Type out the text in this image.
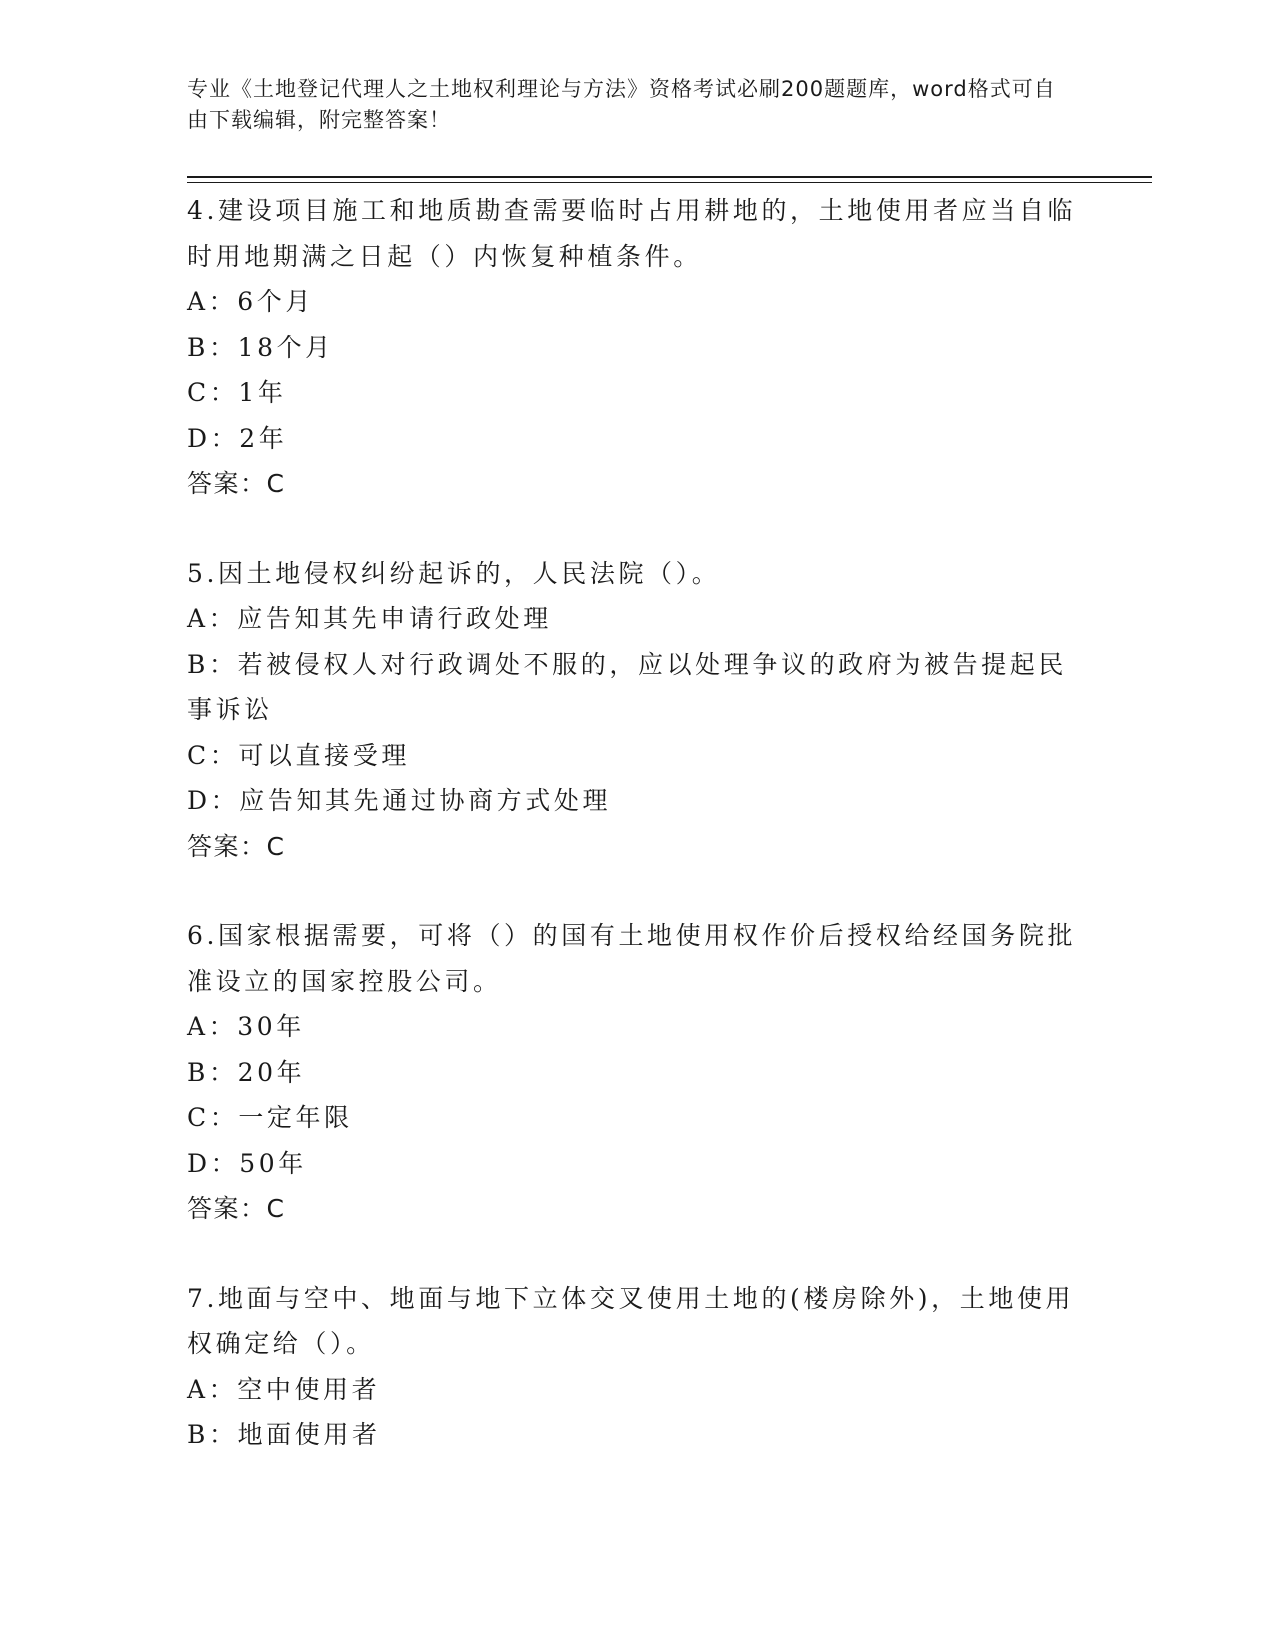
专业《土地登记代理人之土地权利理论与方法》资格考试必刷200题题库，word格式可自由下载编辑，附完整答案！

4.建设项目施工和地质勘查需要临时占用耕地的，土地使用者应当自临时用地期满之日起（）内恢复种植条件。

A：6个月

B：18个月

C：1年

D：2年

答案：C

5.因土地侵权纠纷起诉的，人民法院（）。

A：应告知其先申请行政处理

B：若被侵权人对行政调处不服的，应以处理争议的政府为被告提起民事诉讼

C：可以直接受理

D：应告知其先通过协商方式处理

答案：C

6.国家根据需要，可将（）的国有土地使用权作价后授权给经国务院批准设立的国家控股公司。

A：30年

B：20年

C：一定年限

D：50年

答案：C

7.地面与空中、地面与地下立体交叉使用土地的(楼房除外)，土地使用权确定给（）。

A：空中使用者

B：地面使用者
